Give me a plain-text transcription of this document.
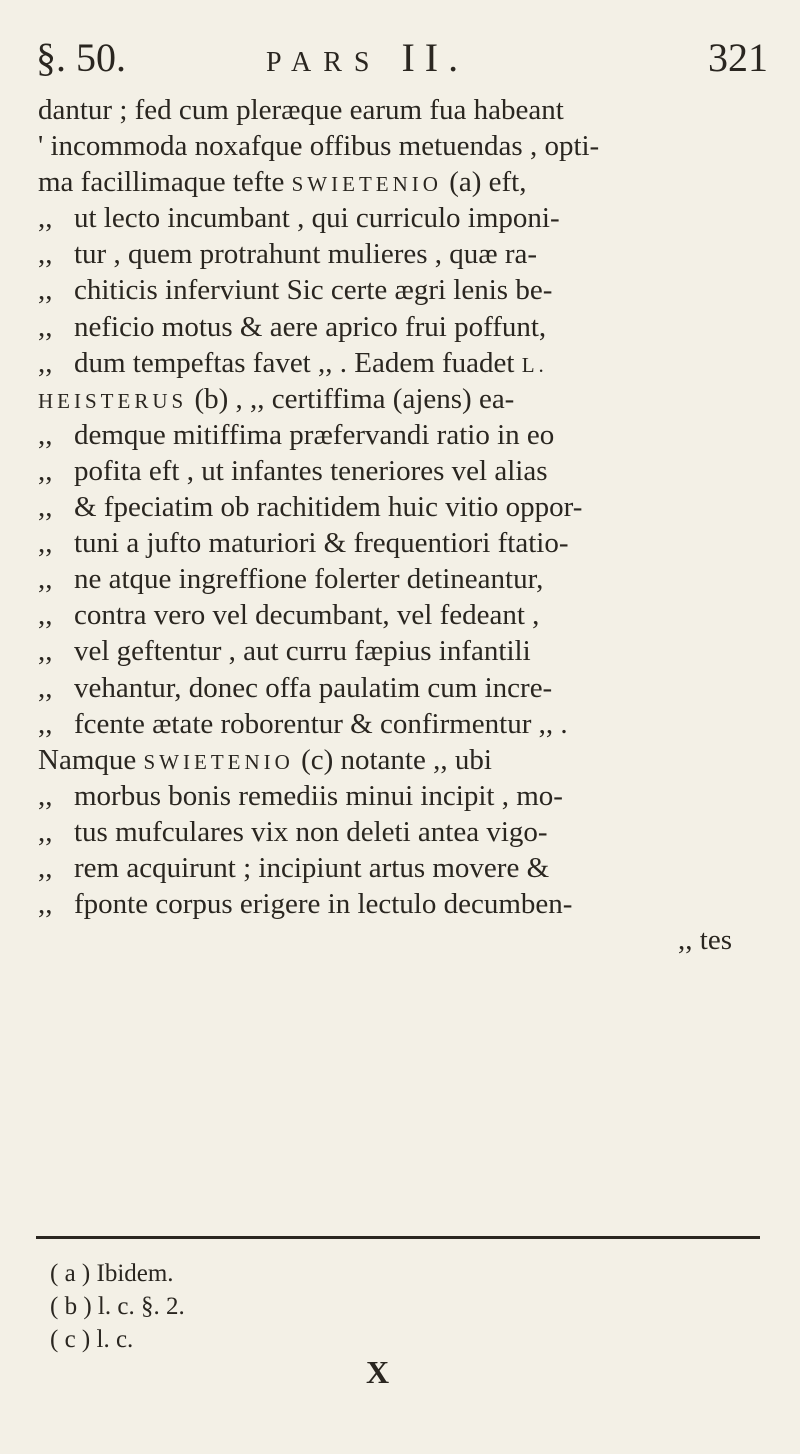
§. 50.	PARS II.	321
dantur ; fed cum pleræque earum fua habeant
' incommoda noxafque offibus metuendas , opti-
ma facillimaque tefte SWIETENIO (a) eft,
,, ut lecto incumbant , qui curriculo imponi-
,, tur , quem protrahunt mulieres , quæ ra-
,, chiticis inferviunt Sic certe ægri lenis be-
,, neficio motus & aere aprico frui poffunt,
,, dum tempeftas favet ,, . Eadem fuadet L.
HEISTERUS (b) , ,, certiffima (ajens) ea-
,, demque mitiffima præfervandi ratio in eo
,, pofita eft , ut infantes teneriores vel alias
,, & fpeciatim ob rachitidem huic vitio oppor-
,, tuni a jufto maturiori & frequentiori ftatio-
,, ne atque ingreffione folerter detineantur,
,, contra vero vel decumbant, vel fedeant ,
,, vel geftentur , aut curru fæpius infantili
,, vehantur, donec offa paulatim cum incre-
,, fcente ætate roborentur & confirmentur ,, .
Namque SWIETENIO (c) notante ,, ubi
,, morbus bonis remediis minui incipit , mo-
,, tus mufculares vix non deleti antea vigo-
,, rem acquirunt ; incipiunt artus movere &
,, fponte corpus erigere in lectulo decumben-
,, tes
( a ) Ibidem.
( b ) l. c. §. 2.
( c ) l. c.
X
